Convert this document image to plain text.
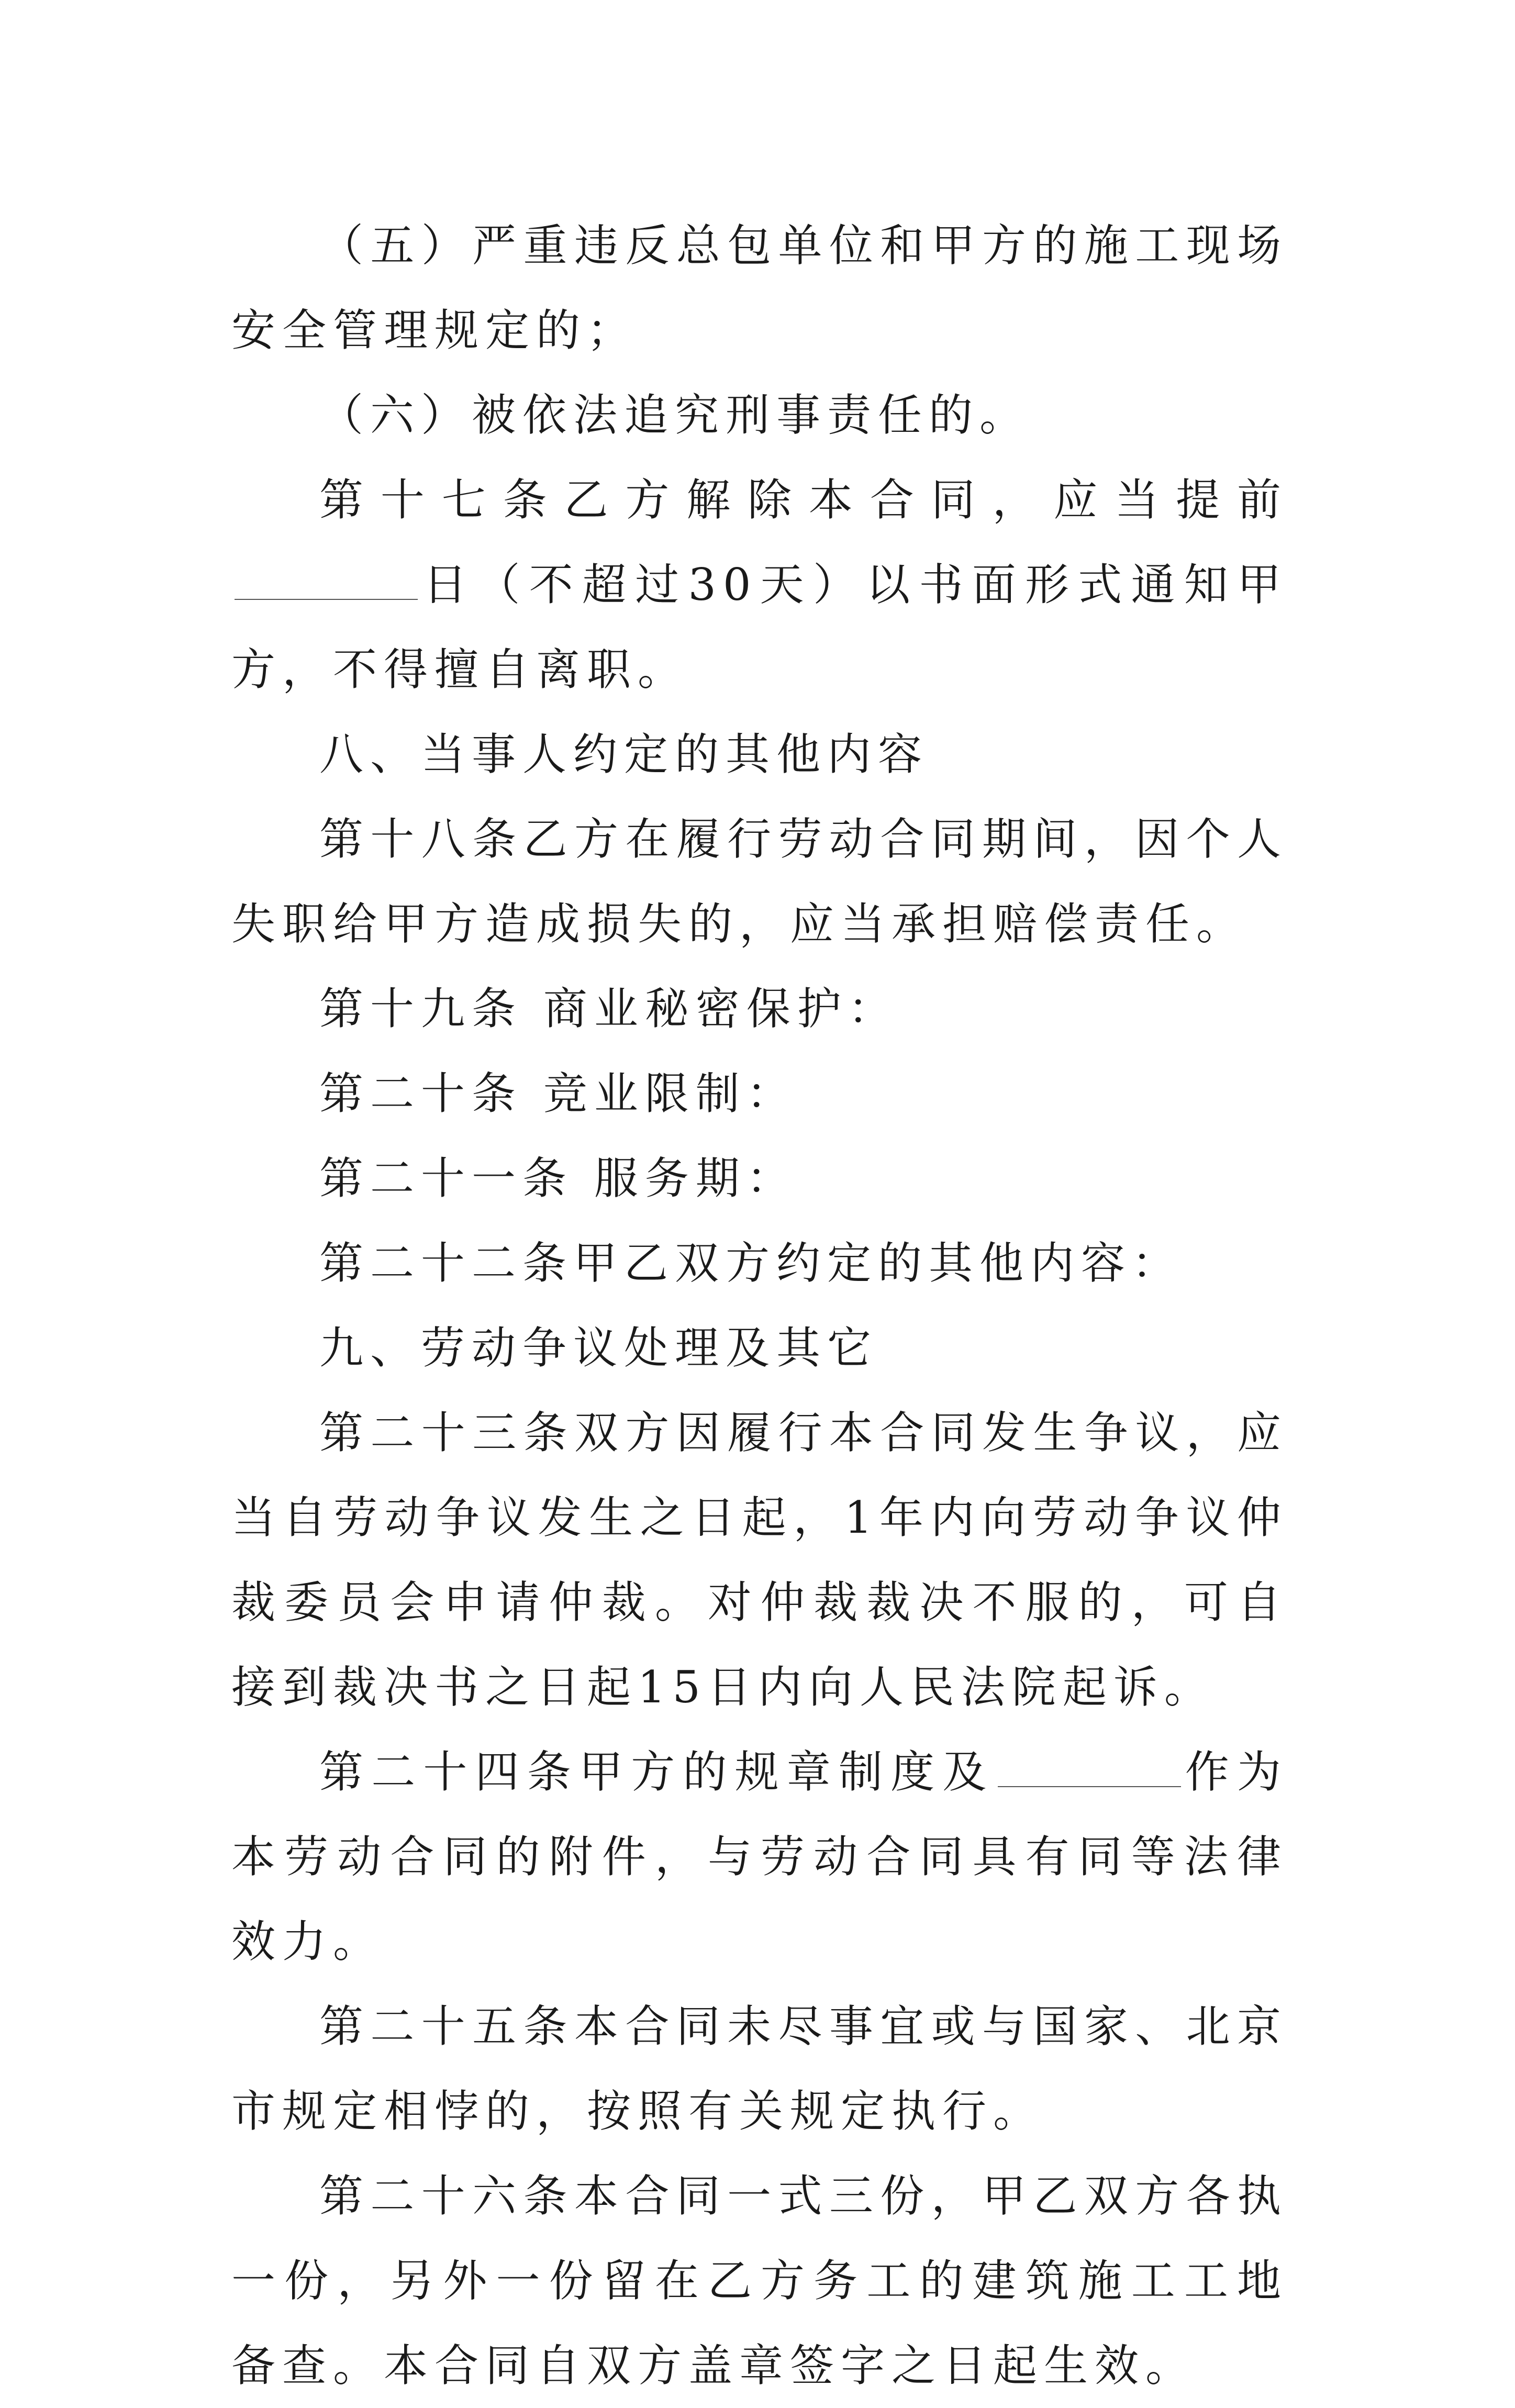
（五）严重违反总包单位和甲方的施工现场安全管理规定的；

（六）被依法追究刑事责任的。

第十七条乙方解除本合同，应当提前日（不超过30天）以书面形式通知甲方，不得擅自离职。

八、当事人约定的其他内容

第十八条乙方在履行劳动合同期间，因个人失职给甲方造成损失的，应当承担赔偿责任。

第十九条 商业秘密保护：

第二十条 竞业限制：

第二十一条 服务期：

第二十二条甲乙双方约定的其他内容：

九、劳动争议处理及其它

第二十三条双方因履行本合同发生争议，应当自劳动争议发生之日起，1年内向劳动争议仲裁委员会申请仲裁。对仲裁裁决不服的，可自接到裁决书之日起15日内向人民法院起诉。

第二十四条甲方的规章制度及	作为本劳动合同的附件，与劳动合同具有同等法律效力。

第二十五条本合同未尽事宜或与国家、北京市规定相悖的，按照有关规定执行。

第二十六条本合同一式三份，甲乙双方各执一份，另外一份留在乙方务工的建筑施工工地备查。本合同自双方盖章签字之日起生效。
